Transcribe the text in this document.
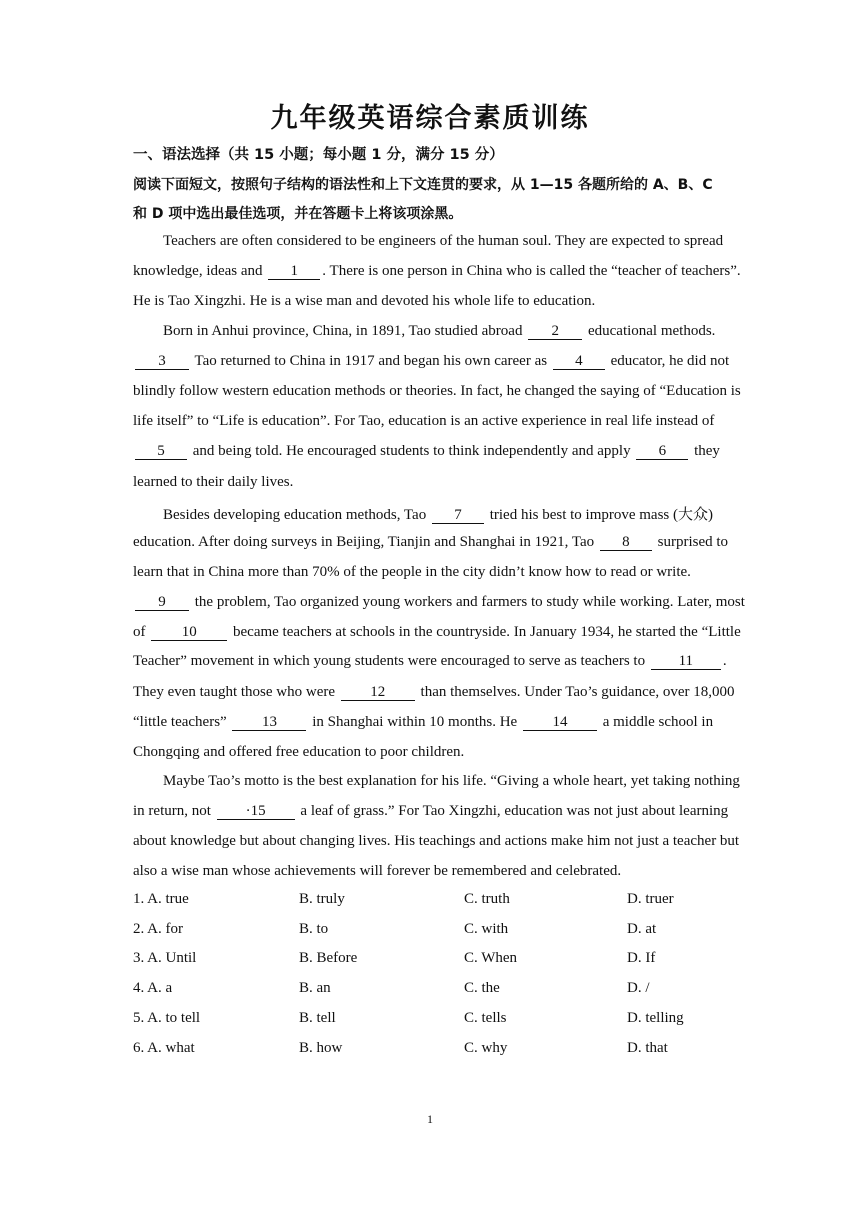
九年级英语综合素质训练
一、语法选择（共 15 小题；每小题 1 分，满分 15 分）
阅读下面短文，按照句子结构的语法性和上下文连贯的要求，从 1—15 各题所给的 A、B、C
和 D 项中选出最佳选项，并在答题卡上将该项涂黑。
Teachers are often considered to be engineers of the human soul. They are expected to spread
knowledge, ideas and 1 . There is one person in China who is called the “teacher of teachers”.
He is Tao Xingzhi. He is a wise man and devoted his whole life to education.
Born in Anhui province, China, in 1891, Tao studied abroad 2 educational methods.
3 Tao returned to China in 1917 and began his own career as 4 educator, he did not
blindly follow western education methods or theories. In fact, he changed the saying of “Education is
life itself” to “Life is education”. For Tao, education is an active experience in real life instead of
5 and being told. He encouraged students to think independently and apply 6 they
learned to their daily lives.
Besides developing education methods, Tao 7 tried his best to improve mass (大众)
education. After doing surveys in Beijing, Tianjin and Shanghai in 1921, Tao 8 surprised to
learn that in China more than 70% of the people in the city didn’t know how to read or write.
9 the problem, Tao organized young workers and farmers to study while working. Later, most
of 10 became teachers at schools in the countryside. In January 1934, he started the “Little
Teacher” movement in which young students were encouraged to serve as teachers to 11 .
They even taught those who were 12 than themselves. Under Tao’s guidance, over 18,000
“little teachers” 13 in Shanghai within 10 months. He 14 a middle school in
Chongqing and offered free education to poor children.
Maybe Tao’s motto is the best explanation for his life. “Giving a whole heart, yet taking nothing
in return, not ·15 a leaf of grass.” For Tao Xingzhi, education was not just about learning
about knowledge but about changing lives. His teachings and actions make him not just a teacher but
also a wise man whose achievements will forever be remembered and celebrated.
1. A. true	B. truly	C. truth	D. truer
2. A. for	B. to	C. with	D. at
3. A. Until	B. Before	C. When	D. If
4. A. a	B. an	C. the	D. /
5. A. to tell	B. tell	C. tells	D. telling
6. A. what	B. how	C. why	D. that
1
